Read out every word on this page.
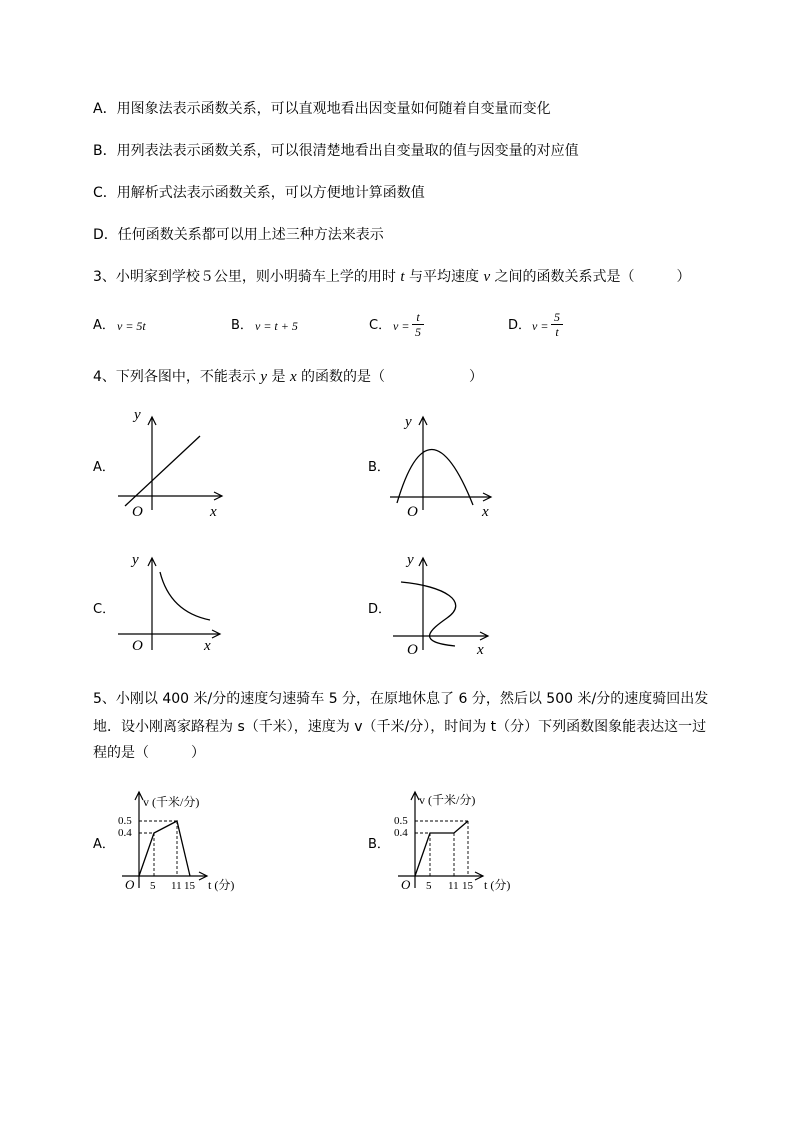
A．用图象法表示函数关系，可以直观地看出因变量如何随着自变量而变化
B．用列表法表示函数关系，可以很清楚地看出自变量取的值与因变量的对应值
C．用解析式法表示函数关系，可以方便地计算函数值
D．任何函数关系都可以用上述三种方法来表示
3、小明家到学校５公里，则小明骑车上学的用时 t 与平均速度 v 之间的函数关系式是（　　　）
A． v = 5t	B． v = t + 5	C． $v = \frac{t}{5}$	D． $v = \frac{5}{t}$
4、下列各图中，不能表示 y 是 x 的函数的是（　　　　　　）
A．	B．
C．	D．
y
x
O
y
x
O
y
x
O
y
x
O
5、小刚以 400 米/分的速度匀速骑车 5 分，在原地休息了 6 分，然后以 500 米/分的速度骑回出发
地．设小刚离家路程为 s（千米），速度为 v（千米/分），时间为 t（分）下列函数图象能表达这一过
程的是（　　　）
A．	B．
v (千米/分)
0.5
0.4
5 11 15 t (分)
O
v (千米/分)
0.5
0.4
5 11 15 t (分)
O
